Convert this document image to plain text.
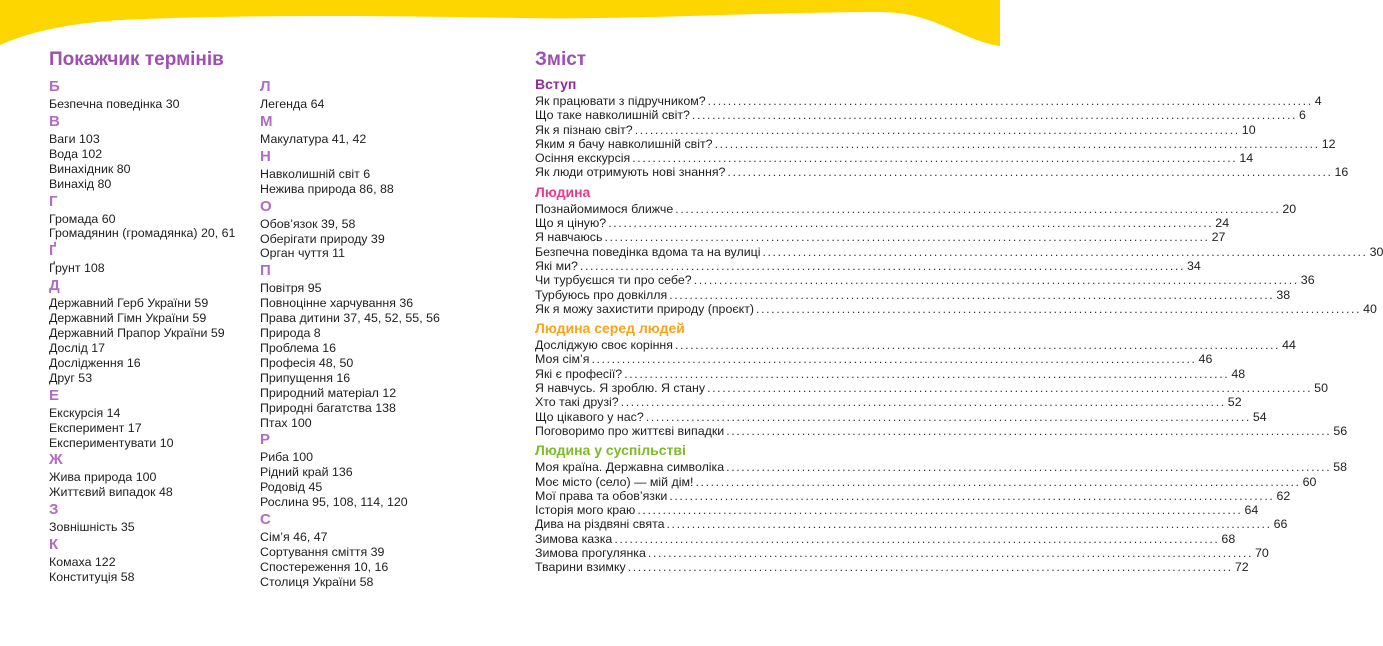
Покажчик термінів
Б
Безпечна поведінка 30
В
Ваги 103
Вода 102
Винахідник 80
Винахід 80
Г
Громада 60
Громадянин (громадянка) 20, 61
Ґ
Ґрунт 108
Д
Державний Герб України 59
Державний Гімн України 59
Державний Прапор України 59
Дослід 17
Дослідження 16
Друг 53
Е
Екскурсія 14
Експеримент 17
Експериментувати 10
Ж
Жива природа 100
Життєвий випадок 48
З
Зовнішність 35
К
Комаха 122
Конституція 58
Л
Легенда 64
М
Макулатура 41, 42
Н
Навколишній світ 6
Нежива природа 86, 88
О
Обов’язок 39, 58
Оберігати природу 39
Орган чуття 11
П
Повітря 95
Повноцінне харчування 36
Права дитини 37, 45, 52, 55, 56
Природа 8
Проблема 16
Професія 48, 50
Припущення 16
Природний матеріал 12
Природні багатства 138
Птах 100
Р
Риба 100
Рідний край 136
Родовід 45
Рослина 95, 108, 114, 120
С
Сім’я 46, 47
Сортування сміття 39
Спостереження 10, 16
Столиця України 58
Зміст
Вступ
Як працювати з підручником? ........................................................................................................................ 4
Що таке навколишній світ? ........................................................................................................................ 6
Як я пізнаю світ? ........................................................................................................................ 10
Яким я бачу навколишній світ? ........................................................................................................................ 12
Осіння екскурсія ........................................................................................................................ 14
Як люди отримують нові знання? ........................................................................................................................ 16
Людина
Познайомимося ближче ........................................................................................................................ 20
Що я ціную? ........................................................................................................................ 24
Я навчаюсь ........................................................................................................................ 27
Безпечна поведінка вдома та на вулиці ........................................................................................................................ 30
Які ми? ........................................................................................................................ 34
Чи турбуєшся ти про себе? ........................................................................................................................ 36
Турбуюсь про довкілля ........................................................................................................................ 38
Як я можу захистити природу (проєкт) ........................................................................................................................ 40
Людина серед людей
Досліджую своє коріння ........................................................................................................................ 44
Моя сім’я ........................................................................................................................ 46
Які є професії? ........................................................................................................................ 48
Я навчусь. Я зроблю. Я стану ........................................................................................................................ 50
Хто такі друзі? ........................................................................................................................ 52
Що цікавого у нас? ........................................................................................................................ 54
Поговоримо про життєві випадки ........................................................................................................................ 56
Людина у суспільстві
Моя країна. Державна символіка ........................................................................................................................ 58
Моє місто (село) — мій дім! ........................................................................................................................ 60
Мої права та обов’язки ........................................................................................................................ 62
Історія мого краю ........................................................................................................................ 64
Дива на різдвяні свята ........................................................................................................................ 66
Зимова казка ........................................................................................................................ 68
Зимова прогулянка ........................................................................................................................ 70
Тварини взимку ........................................................................................................................ 72
